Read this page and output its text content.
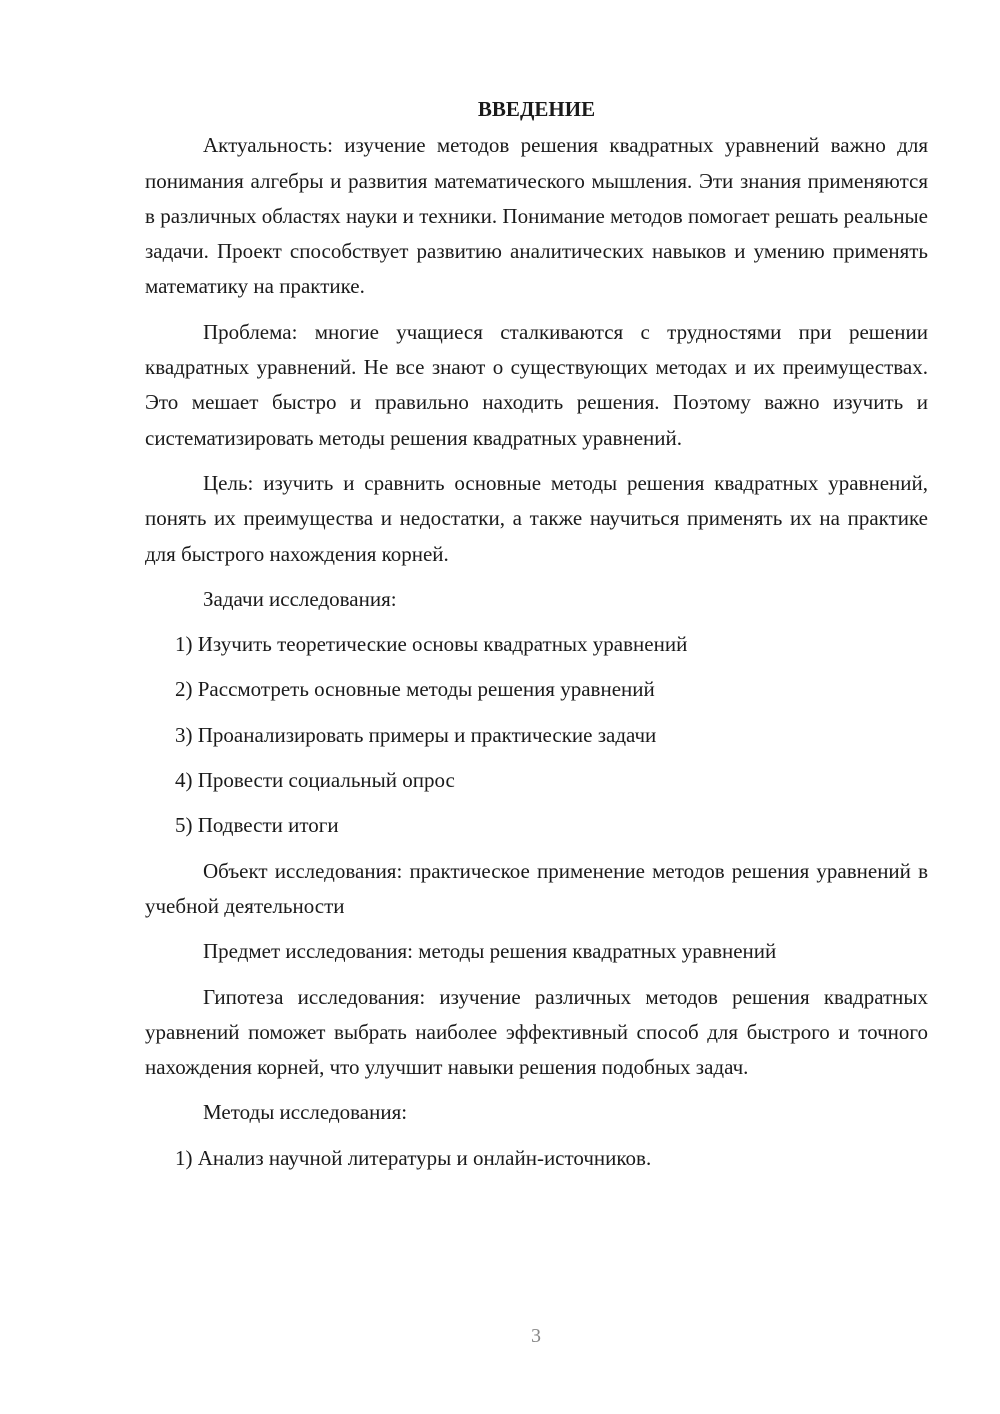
ВВЕДЕНИЕ

Актуальность: изучение методов решения квадратных уравнений важно для понимания алгебры и развития математического мышления. Эти знания применяются в различных областях науки и техники. Понимание методов помогает решать реальные задачи. Проект способствует развитию аналитических навыков и умению применять математику на практике.

Проблема: многие учащиеся сталкиваются с трудностями при решении квадратных уравнений. Не все знают о существующих методах и их преимуществах. Это мешает быстро и правильно находить решения. Поэтому важно изучить и систематизировать методы решения квадратных уравнений.

Цель: изучить и сравнить основные методы решения квадратных уравнений, понять их преимущества и недостатки, а также научиться применять их на практике для быстрого нахождения корней.

Задачи исследования:

1) Изучить теоретические основы квадратных уравнений

2) Рассмотреть основные методы решения уравнений

3) Проанализировать примеры и практические задачи

4) Провести социальный опрос

5) Подвести итоги

Объект исследования: практическое применение методов решения уравнений в учебной деятельности

Предмет исследования: методы решения квадратных уравнений

Гипотеза исследования: изучение различных методов решения квадратных уравнений поможет выбрать наиболее эффективный способ для быстрого и точного нахождения корней, что улучшит навыки решения подобных задач.

Методы исследования:

1) Анализ научной литературы и онлайн-источников.

3
